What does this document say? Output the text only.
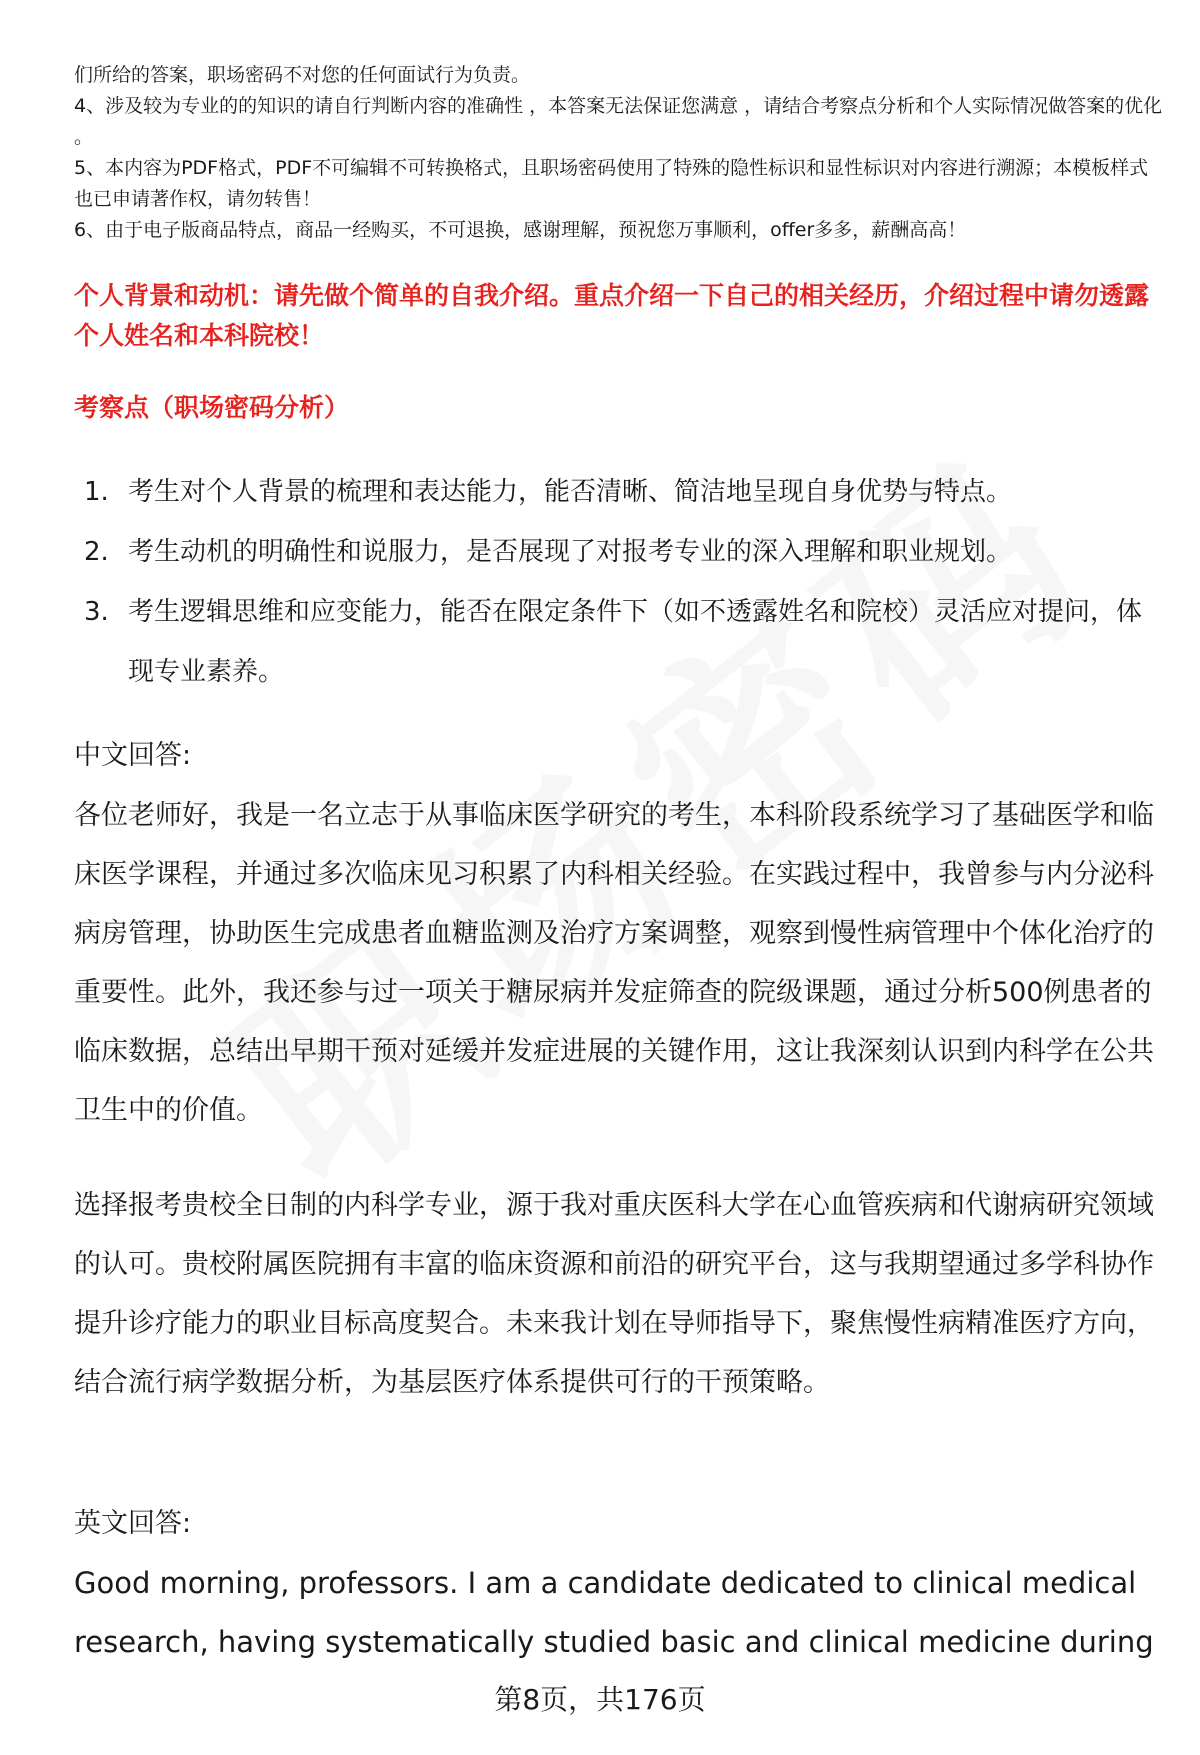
们所给的答案，职场密码不对您的任何面试行为负责。

4、涉及较为专业的的知识的请自行判断内容的准确性 ，本答案无法保证您满意 ，请结合考察点分析和个人实际情况做答案的优化 。

5、本内容为PDF格式，PDF不可编辑不可转换格式，且职场密码使用了特殊的隐性标识和显性标识对内容进行溯源；本模板样式也已申请著作权，请勿转售！

6、由于电子版商品特点，商品一经购买，不可退换，感谢理解，预祝您万事顺利，offer多多，薪酬高高！

个人背景和动机：请先做个简单的自我介绍。重点介绍一下自己的相关经历，介绍过程中请勿透露个人姓名和本科院校！

考察点（职场密码分析）

1. 考生对个人背景的梳理和表达能力，能否清晰、简洁地呈现自身优势与特点。
2. 考生动机的明确性和说服力，是否展现了对报考专业的深入理解和职业规划。
3. 考生逻辑思维和应变能力，能否在限定条件下（如不透露姓名和院校）灵活应对提问，体现专业素养。

中文回答:

各位老师好，我是一名立志于从事临床医学研究的考生，本科阶段系统学习了基础医学和临床医学课程，并通过多次临床见习积累了内科相关经验。在实践过程中，我曾参与内分泌科病房管理，协助医生完成患者血糖监测及治疗方案调整，观察到慢性病管理中个体化治疗的重要性。此外，我还参与过一项关于糖尿病并发症筛查的院级课题，通过分析500例患者的临床数据，总结出早期干预对延缓并发症进展的关键作用，这让我深刻认识到内科学在公共卫生中的价值。

选择报考贵校全日制的内科学专业，源于我对重庆医科大学在心血管疾病和代谢病研究领域的认可。贵校附属医院拥有丰富的临床资源和前沿的研究平台，这与我期望通过多学科协作提升诊疗能力的职业目标高度契合。未来我计划在导师指导下，聚焦慢性病精准医疗方向，结合流行病学数据分析，为基层医疗体系提供可行的干预策略。

英文回答:

Good morning, professors. I am a candidate dedicated to clinical medical research, having systematically studied basic and clinical medicine during

第8页，共176页
